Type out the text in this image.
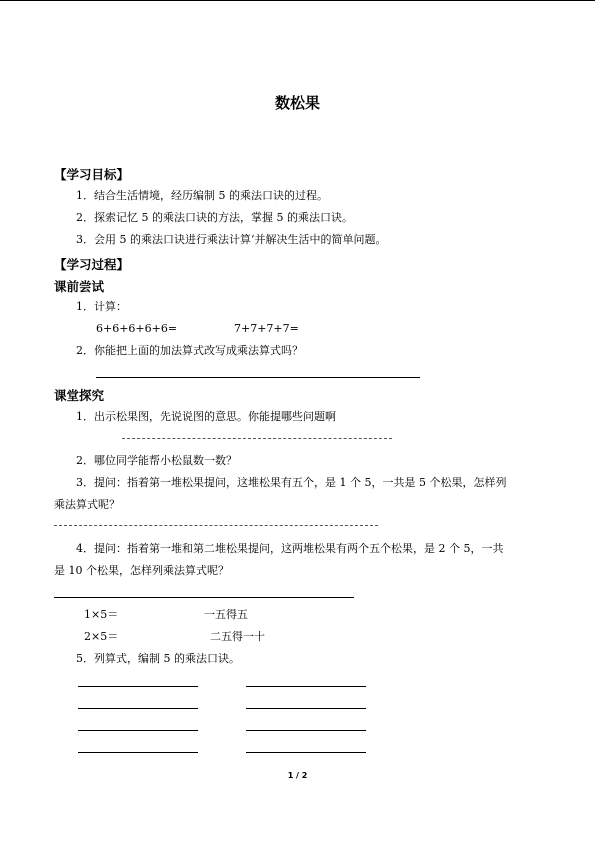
数松果
【学习目标】
1．结合生活情境，经历编制 5 的乘法口诀的过程。
2．探索记忆 5 的乘法口诀的方法，掌握 5 的乘法口诀。
3．会用 5 的乘法口诀进行乘法计算‘并解决生活中的简单问题。
【学习过程】
课前尝试
1．计算：
6+6+6+6+6=	7+7+7+7=
2．你能把上面的加法算式改写成乘法算式吗？
课堂探究
1．出示松果图，先说说图的意思。你能提哪些问题啊
2．哪位同学能帮小松鼠数一数？
3．提问：指着第一堆松果提问，这堆松果有五个，是 1 个 5，一共是 5 个松果，怎样列
乘法算式呢？
4．提问：指着第一堆和第二堆松果提问，这两堆松果有两个五个松果，是 2 个 5，一共
是 10 个松果，怎样列乘法算式呢？
1×5＝	一五得五
2×5＝	二五得一十
5．列算式，编制 5 的乘法口诀。
1 / 2
